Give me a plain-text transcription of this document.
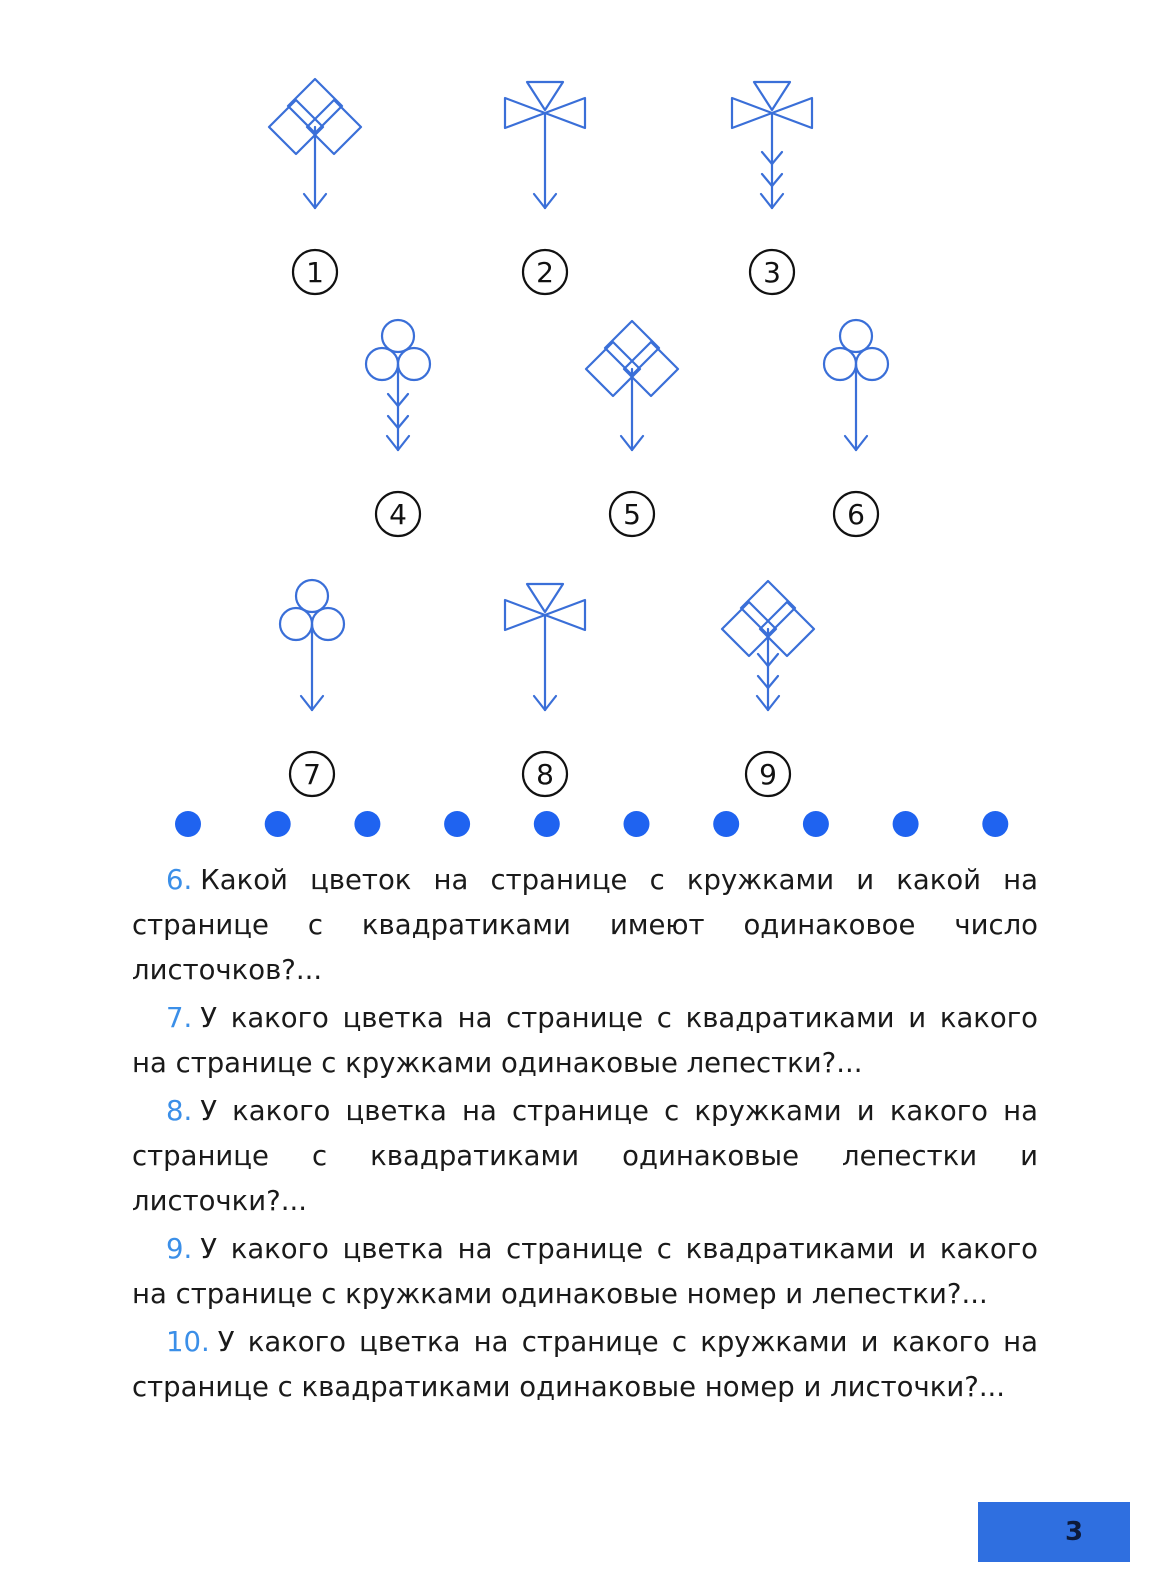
1	2	3
4	5	6
7	8	9

6. Какой цветок на странице с кружками и какой на странице с квадратиками имеют одинаковое число листочков?...

7. У какого цветка на странице с квадратиками и какого на странице с кружками одинаковые лепестки?...

8. У какого цветка на странице с кружками и какого на странице с квадратиками одинаковые лепестки и листочки?...

9. У какого цветка на странице с квадратиками и какого на странице с кружками одинаковые номер и лепестки?...

10. У какого цветка на странице с кружками и какого на странице с квадратиками одинаковые номер и листочки?...

3
